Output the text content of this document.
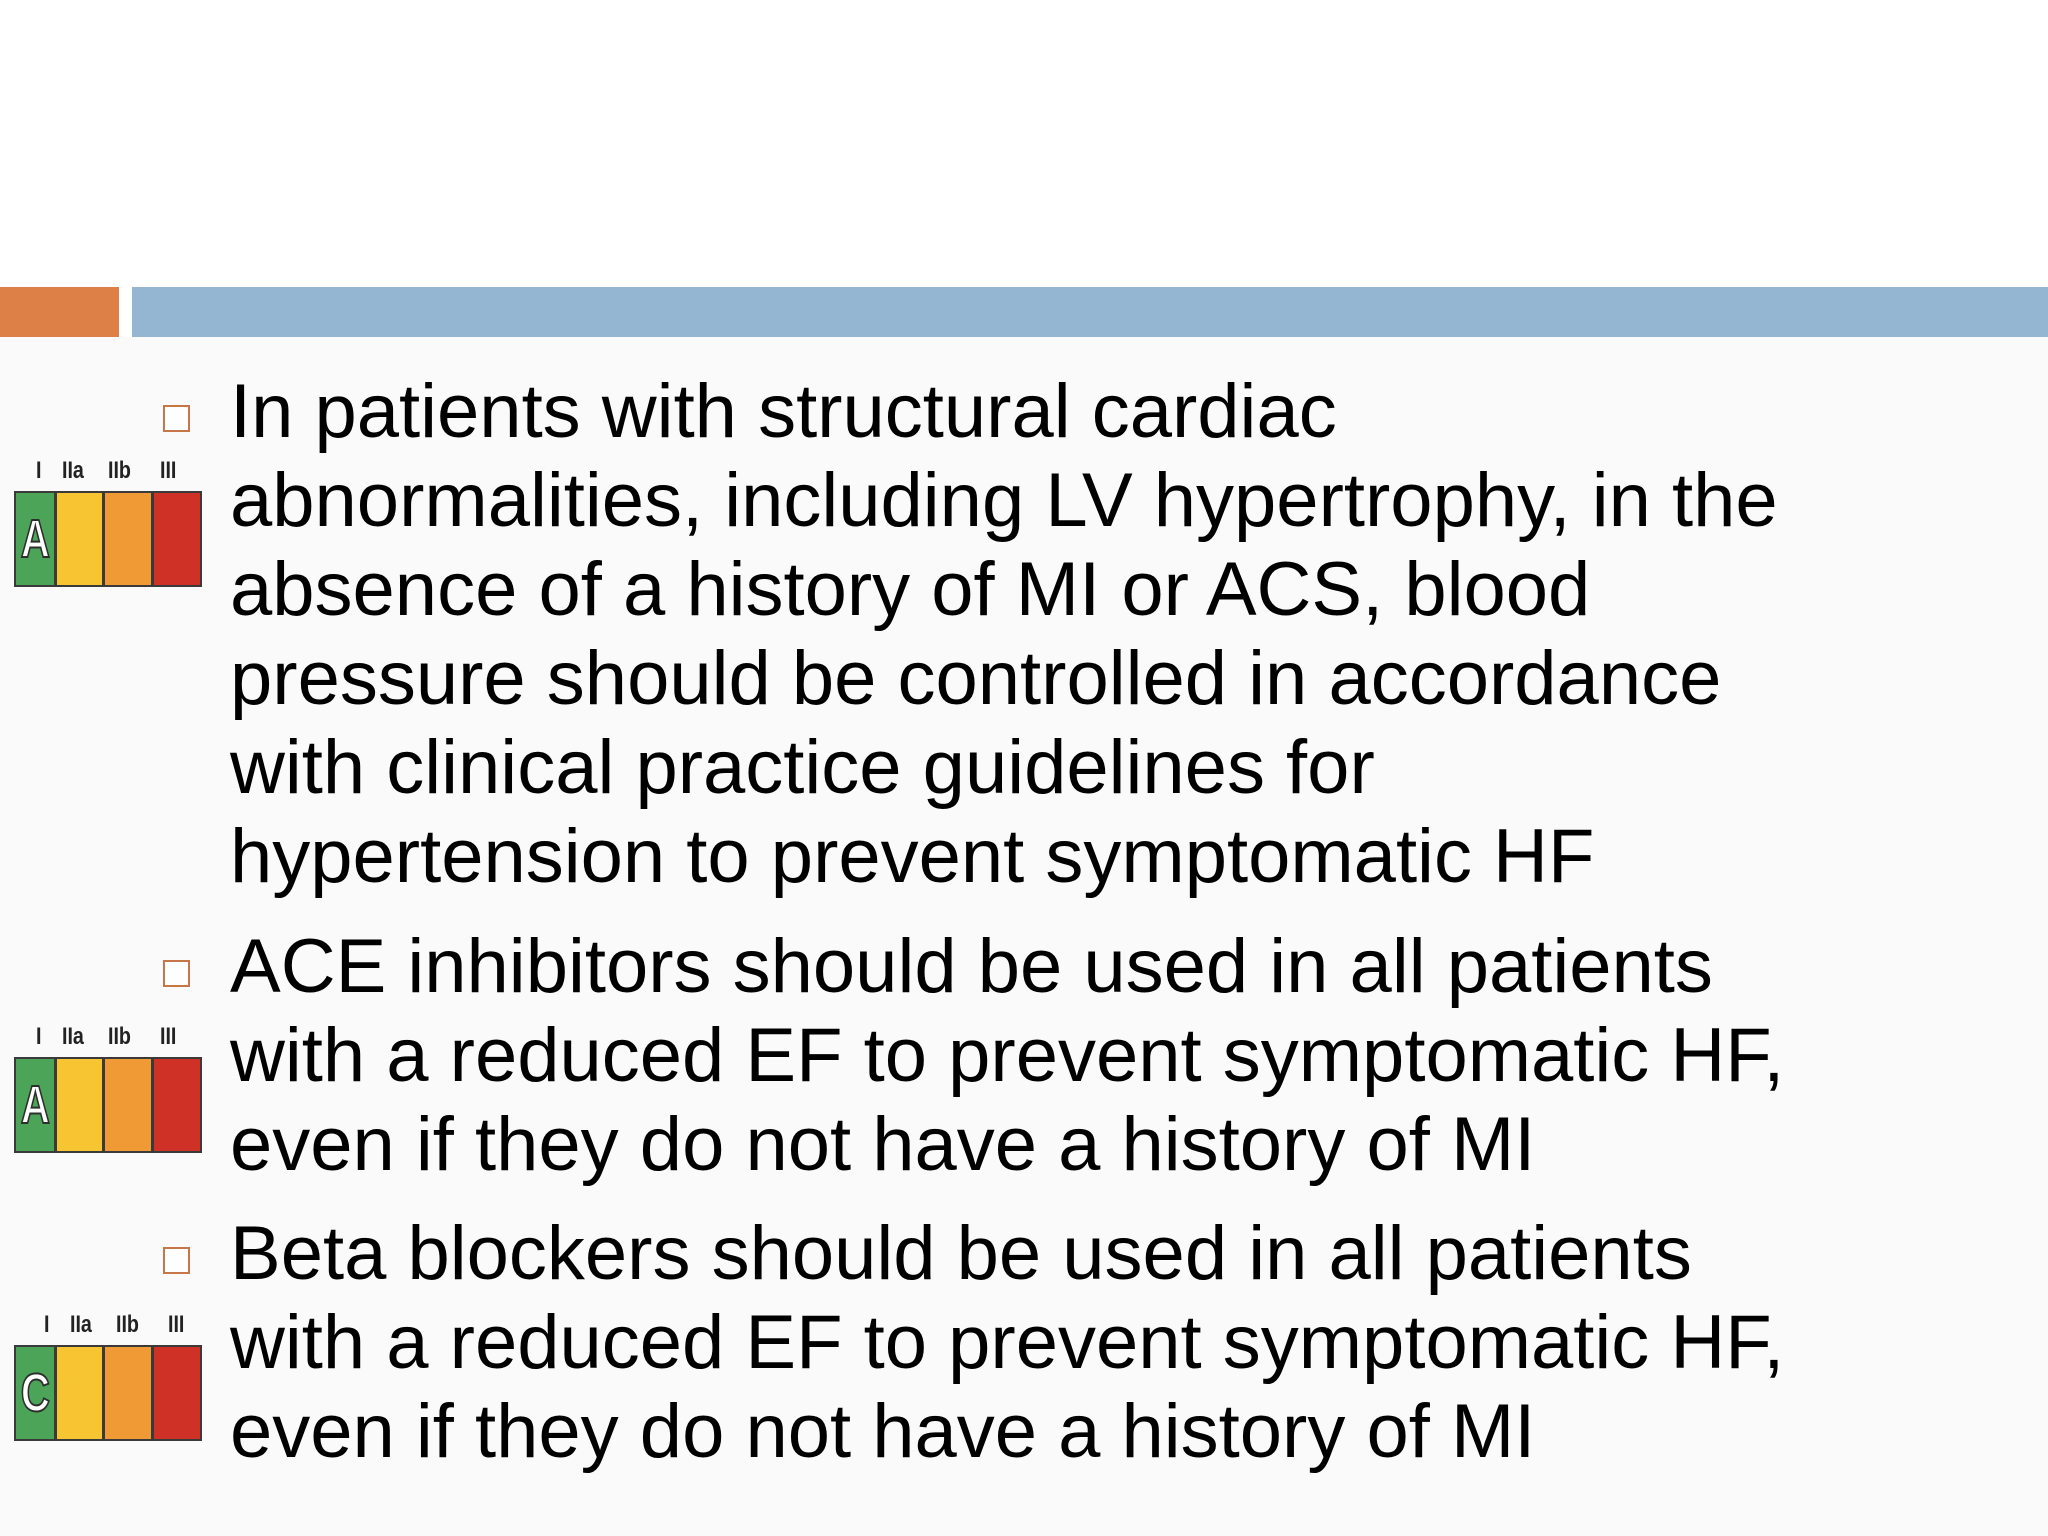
I IIa IIb III
A

In patients with structural cardiac
abnormalities, including LV hypertrophy, in the
absence of a history of MI or ACS, blood
pressure should be controlled in accordance
with clinical practice guidelines for
hypertension to prevent symptomatic HF

I IIa IIb III
A

ACE inhibitors should be used in all patients
with a reduced EF to prevent symptomatic HF,
even if they do not have a history of MI

I IIa IIb III
C

Beta blockers should be used in all patients
with a reduced EF to prevent symptomatic HF,
even if they do not have a history of MI
